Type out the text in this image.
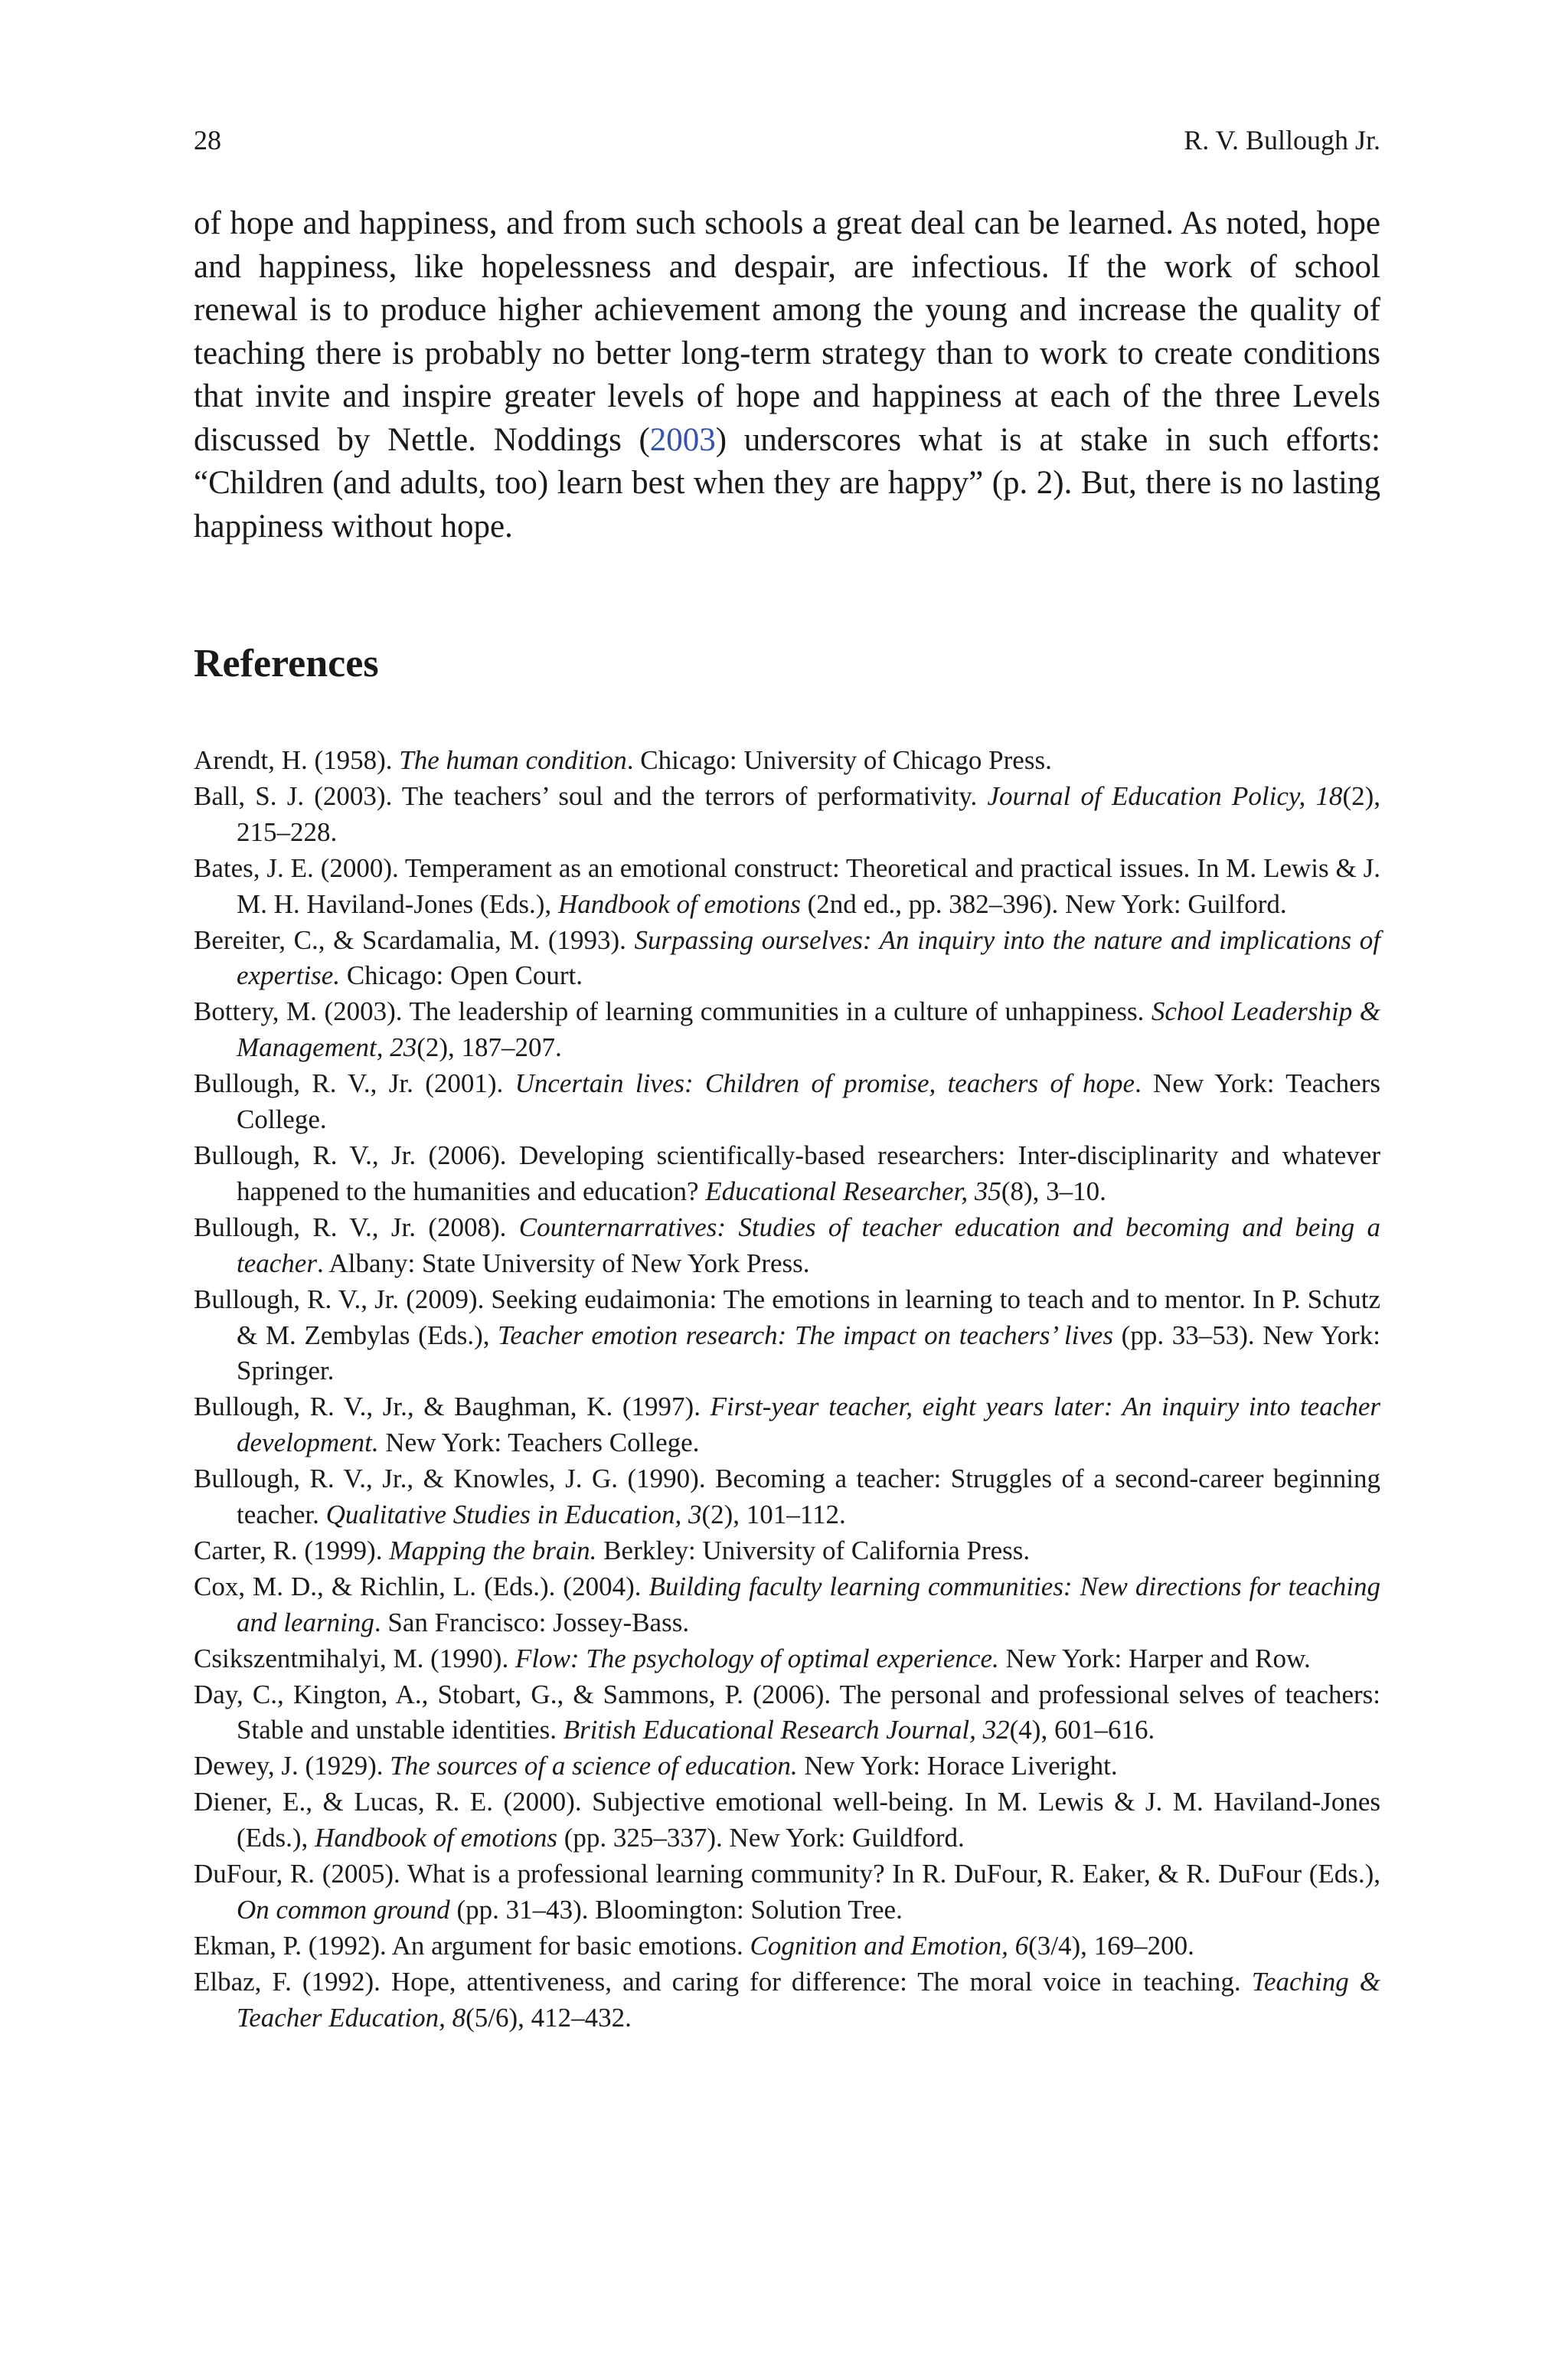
28	R. V. Bullough Jr.

of hope and happiness, and from such schools a great deal can be learned. As noted, hope and happiness, like hopelessness and despair, are infectious. If the work of school renewal is to produce higher achievement among the young and increase the quality of teaching there is probably no better long-term strategy than to work to create conditions that invite and inspire greater levels of hope and happiness at each of the three Levels discussed by Nettle. Noddings (2003) underscores what is at stake in such efforts: “Children (and adults, too) learn best when they are happy” (p. 2). But, there is no lasting happiness without hope.

References
Arendt, H. (1958). The human condition. Chicago: University of Chicago Press.
Ball, S. J. (2003). The teachers’ soul and the terrors of performativity. Journal of Education Policy, 18(2), 215–228.
Bates, J. E. (2000). Temperament as an emotional construct: Theoretical and practical issues. In M. Lewis & J. M. H. Haviland-Jones (Eds.), Handbook of emotions (2nd ed., pp. 382–396). New York: Guilford.
Bereiter, C., & Scardamalia, M. (1993). Surpassing ourselves: An inquiry into the nature and implications of expertise. Chicago: Open Court.
Bottery, M. (2003). The leadership of learning communities in a culture of unhappiness. School Leadership & Management, 23(2), 187–207.
Bullough, R. V., Jr. (2001). Uncertain lives: Children of promise, teachers of hope. New York: Teachers College.
Bullough, R. V., Jr. (2006). Developing scientifically-based researchers: Inter-disciplinarity and whatever happened to the humanities and education? Educational Researcher, 35(8), 3–10.
Bullough, R. V., Jr. (2008). Counternarratives: Studies of teacher education and becoming and being a teacher. Albany: State University of New York Press.
Bullough, R. V., Jr. (2009). Seeking eudaimonia: The emotions in learning to teach and to mentor. In P. Schutz & M. Zembylas (Eds.), Teacher emotion research: The impact on teachers’ lives (pp. 33–53). New York: Springer.
Bullough, R. V., Jr., & Baughman, K. (1997). First-year teacher, eight years later: An inquiry into teacher development. New York: Teachers College.
Bullough, R. V., Jr., & Knowles, J. G. (1990). Becoming a teacher: Struggles of a second-career beginning teacher. Qualitative Studies in Education, 3(2), 101–112.
Carter, R. (1999). Mapping the brain. Berkley: University of California Press.
Cox, M. D., & Richlin, L. (Eds.). (2004). Building faculty learning communities: New directions for teaching and learning. San Francisco: Jossey-Bass.
Csikszentmihalyi, M. (1990). Flow: The psychology of optimal experience. New York: Harper and Row.
Day, C., Kington, A., Stobart, G., & Sammons, P. (2006). The personal and professional selves of teachers: Stable and unstable identities. British Educational Research Journal, 32(4), 601–616.
Dewey, J. (1929). The sources of a science of education. New York: Horace Liveright.
Diener, E., & Lucas, R. E. (2000). Subjective emotional well-being. In M. Lewis & J. M. Haviland-Jones (Eds.), Handbook of emotions (pp. 325–337). New York: Guildford.
DuFour, R. (2005). What is a professional learning community? In R. DuFour, R. Eaker, & R. DuFour (Eds.), On common ground (pp. 31–43). Bloomington: Solution Tree.
Ekman, P. (1992). An argument for basic emotions. Cognition and Emotion, 6(3/4), 169–200.
Elbaz, F. (1992). Hope, attentiveness, and caring for difference: The moral voice in teaching. Teaching & Teacher Education, 8(5/6), 412–432.
